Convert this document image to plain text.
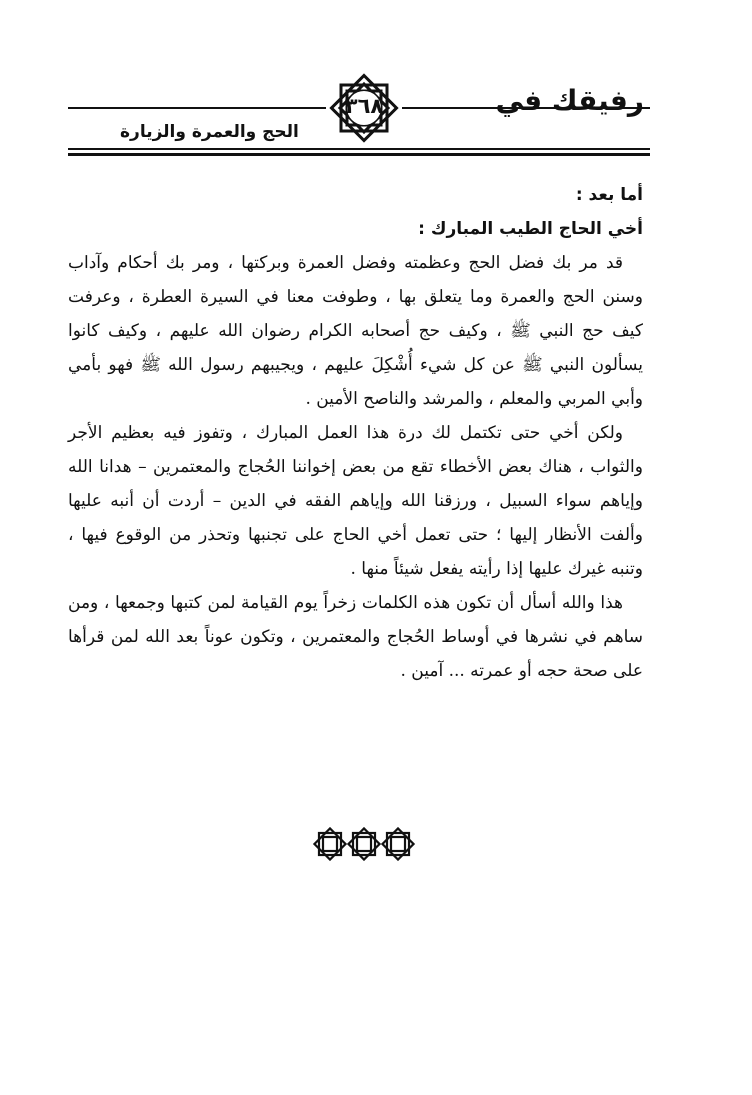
رفيقك في
الحج والعمرة والزيارة
٣٦٨

أما بعد :

أخي الحاج الطيب المبارك :

قد مر بك فضل الحج وعظمته وفضل العمرة وبركتها ، ومر بك أحكام وآداب وسنن الحج والعمرة وما يتعلق بها ، وطوفت معنا في السيرة العطرة ، وعرفت كيف حج النبي ﷺ ، وكيف حج أصحابه الكرام رضوان الله عليهم ، وكيف كانوا يسألون النبي ﷺ عن كل شيء أُشْكِلَ عليهم ، ويجيبهم رسول الله ﷺ فهو بأمي وأبي المربي والمعلم ، والمرشد والناصح الأمين .

ولكن أخي حتى تكتمل لك درة هذا العمل المبارك ، وتفوز فيه بعظيم الأجر والثواب ، هناك بعض الأخطاء تقع من بعض إخواننا الحُجاج والمعتمرين – هدانا الله وإياهم سواء السبيل ، ورزقنا الله وإياهم الفقه في الدين – أردت أن أنبه عليها وألفت الأنظار إليها ؛ حتى تعمل أخي الحاج على تجنبها وتحذر من الوقوع فيها ، وتنبه غيرك عليها إذا رأيته يفعل شيئاً منها .

هذا والله أسأل أن تكون هذه الكلمات زخراً يوم القيامة لمن كتبها وجمعها ، ومن ساهم في نشرها في أوساط الحُجاج والمعتمرين ، وتكون عوناً بعد الله لمن قرأها على صحة حجه أو عمرته ... آمين .
